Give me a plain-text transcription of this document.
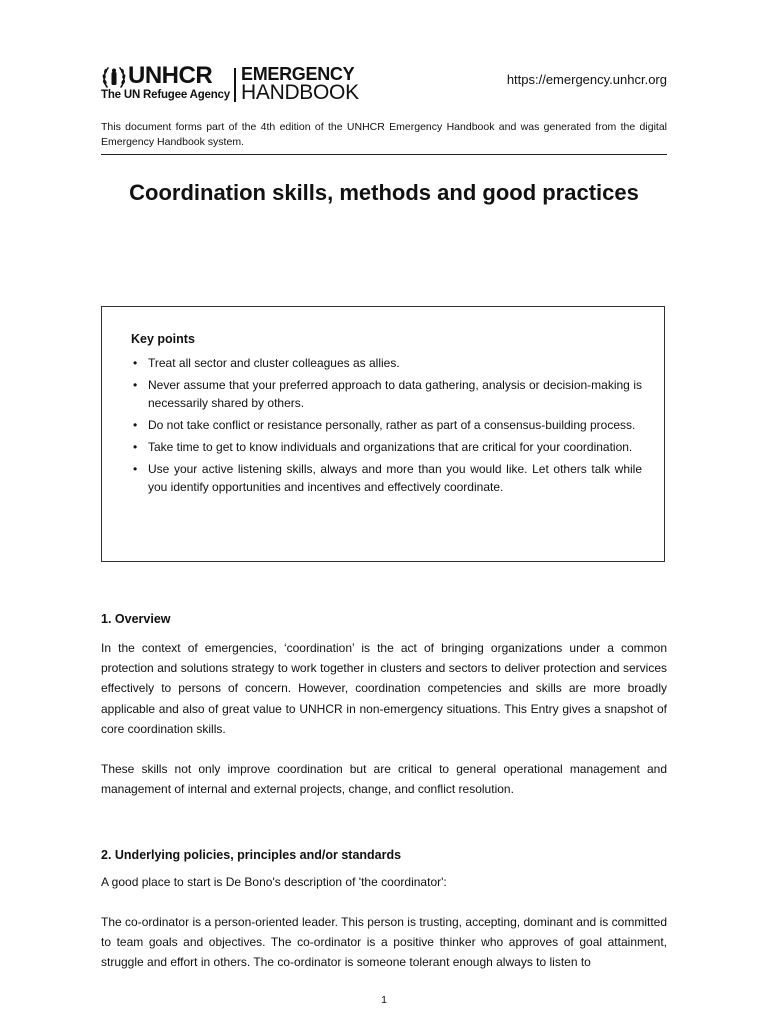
UNHCR
The UN Refugee Agency
EMERGENCY
HANDBOOK
https://emergency.unhcr.org
This document forms part of the 4th edition of the UNHCR Emergency Handbook and was generated from the digital Emergency Handbook system.
Coordination skills, methods and good practices
Key points
• Treat all sector and cluster colleagues as allies.
• Never assume that your preferred approach to data gathering, analysis or decision-making is necessarily shared by others.
• Do not take conflict or resistance personally, rather as part of a consensus-building process.
• Take time to get to know individuals and organizations that are critical for your coordination.
• Use your active listening skills, always and more than you would like. Let others talk while you identify opportunities and incentives and effectively coordinate.
1. Overview

In the context of emergencies, ‘coordination’ is the act of bringing organizations under a common protection and solutions strategy to work together in clusters and sectors to deliver protection and services effectively to persons of concern. However, coordination competencies and skills are more broadly applicable and also of great value to UNHCR in non-emergency situations. This Entry gives a snapshot of core coordination skills.

These skills not only improve coordination but are critical to general operational management and management of internal and external projects, change, and conflict resolution.

2. Underlying policies, principles and/or standards

A good place to start is De Bono's description of 'the coordinator':

The co-ordinator is a person-oriented leader. This person is trusting, accepting, dominant and is committed to team goals and objectives. The co-ordinator is a positive thinker who approves of goal attainment, struggle and effort in others. The co-ordinator is someone tolerant enough always to listen to

1
